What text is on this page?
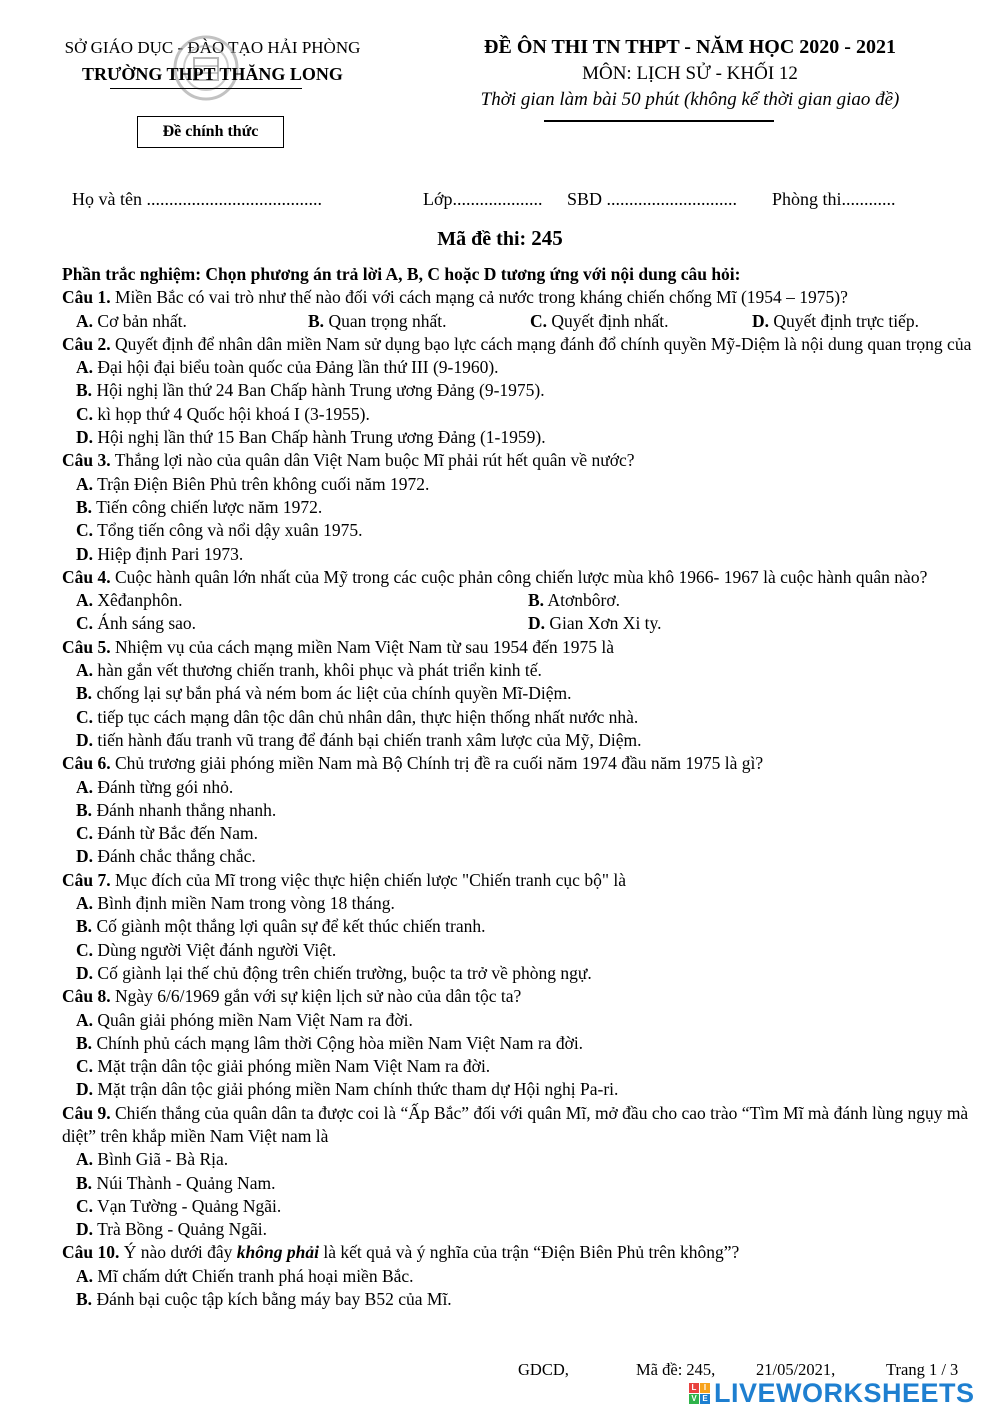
SỞ GIÁO DỤC - ĐÀO TẠO HẢI PHÒNG
TRƯỜNG THPT THĂNG LONG
Đề chính thức
ĐỀ ÔN THI TN THPT - NĂM HỌC 2020 - 2021
MÔN: LỊCH SỬ - KHỐI 12
Thời gian làm bài 50 phút (không kể thời gian giao đề)
Họ và tên .......................................	Lớp.................... SBD ............................. Phòng thi............
Mã đề thi: 245
Phần trắc nghiệm: Chọn phương án trả lời A, B, C hoặc D tương ứng với nội dung câu hỏi:
Câu 1. Miền Bắc có vai trò như thế nào đối với cách mạng cả nước trong kháng chiến chống Mĩ (1954 – 1975)?
A. Cơ bản nhất.	B. Quan trọng nhất.	C. Quyết định nhất.	D. Quyết định trực tiếp.
Câu 2. Quyết định để nhân dân miền Nam sử dụng bạo lực cách mạng đánh đổ chính quyền Mỹ-Diệm là nội dung quan trọng của
A. Đại hội đại biểu toàn quốc của Đảng lần thứ III (9-1960).
B. Hội nghị lần thứ 24 Ban Chấp hành Trung ương Đảng (9-1975).
C. kì họp thứ 4 Quốc hội khoá I (3-1955).
D. Hội nghị lần thứ 15 Ban Chấp hành Trung ương Đảng (1-1959).
Câu 3. Thắng lợi nào của quân dân Việt Nam buộc Mĩ phải rút hết quân về nước?
A. Trận Điện Biên Phủ trên không cuối năm 1972.
B. Tiến công chiến lược năm 1972.
C. Tổng tiến công và nổi dậy xuân 1975.
D. Hiệp định Pari 1973.
Câu 4. Cuộc hành quân lớn nhất của Mỹ trong các cuộc phản công chiến lược mùa khô 1966- 1967 là cuộc hành quân nào?
A. Xêđanphôn.	B. Atơnbôrơ.
C. Ánh sáng sao.	D. Gian Xơn Xi ty.
Câu 5. Nhiệm vụ của cách mạng miền Nam Việt Nam từ sau 1954 đến 1975 là
A. hàn gắn vết thương chiến tranh, khôi phục và phát triển kinh tế.
B. chống lại sự bắn phá và ném bom ác liệt của chính quyền Mĩ-Diệm.
C. tiếp tục cách mạng dân tộc dân chủ nhân dân, thực hiện thống nhất nước nhà.
D. tiến hành đấu tranh vũ trang để đánh bại chiến tranh xâm lược của Mỹ, Diệm.
Câu 6. Chủ trương giải phóng miền Nam mà Bộ Chính trị đề ra cuối năm 1974 đầu năm 1975 là gì?
A. Đánh từng gói nhỏ.
B. Đánh nhanh thắng nhanh.
C. Đánh từ Bắc đến Nam.
D. Đánh chắc thắng chắc.
Câu 7. Mục đích của Mĩ trong việc thực hiện chiến lược "Chiến tranh cục bộ" là
A. Bình định miền Nam trong vòng 18 tháng.
B. Cố giành một thắng lợi quân sự để kết thúc chiến tranh.
C. Dùng người Việt đánh người Việt.
D. Cố giành lại thế chủ động trên chiến trường, buộc ta trở về phòng ngự.
Câu 8. Ngày 6/6/1969 gắn với sự kiện lịch sử nào của dân tộc ta?
A. Quân giải phóng miền Nam Việt Nam ra đời.
B. Chính phủ cách mạng lâm thời Cộng hòa miền Nam Việt Nam ra đời.
C. Mặt trận dân tộc giải phóng miền Nam Việt Nam ra đời.
D. Mặt trận dân tộc giải phóng miền Nam chính thức tham dự Hội nghị Pa-ri.
Câu 9. Chiến thắng của quân dân ta được coi là “Ấp Bắc” đối với quân Mĩ, mở đầu cho cao trào “Tìm Mĩ mà đánh lùng ngụy mà diệt” trên khắp miền Nam Việt nam là
A. Bình Giã - Bà Rịa.
B. Núi Thành - Quảng Nam.
C. Vạn Tường - Quảng Ngãi.
D. Trà Bồng - Quảng Ngãi.
Câu 10. Ý nào dưới đây không phải là kết quả và ý nghĩa của trận “Điện Biên Phủ trên không”?
A. Mĩ chấm dứt Chiến tranh phá hoại miền Bắc.
B. Đánh bại cuộc tập kích bằng máy bay B52 của Mĩ.
GDCD,	Mã đề: 245, 21/05/2021,	Trang 1 / 3
L I
V E LIVEWORKSHEETS
